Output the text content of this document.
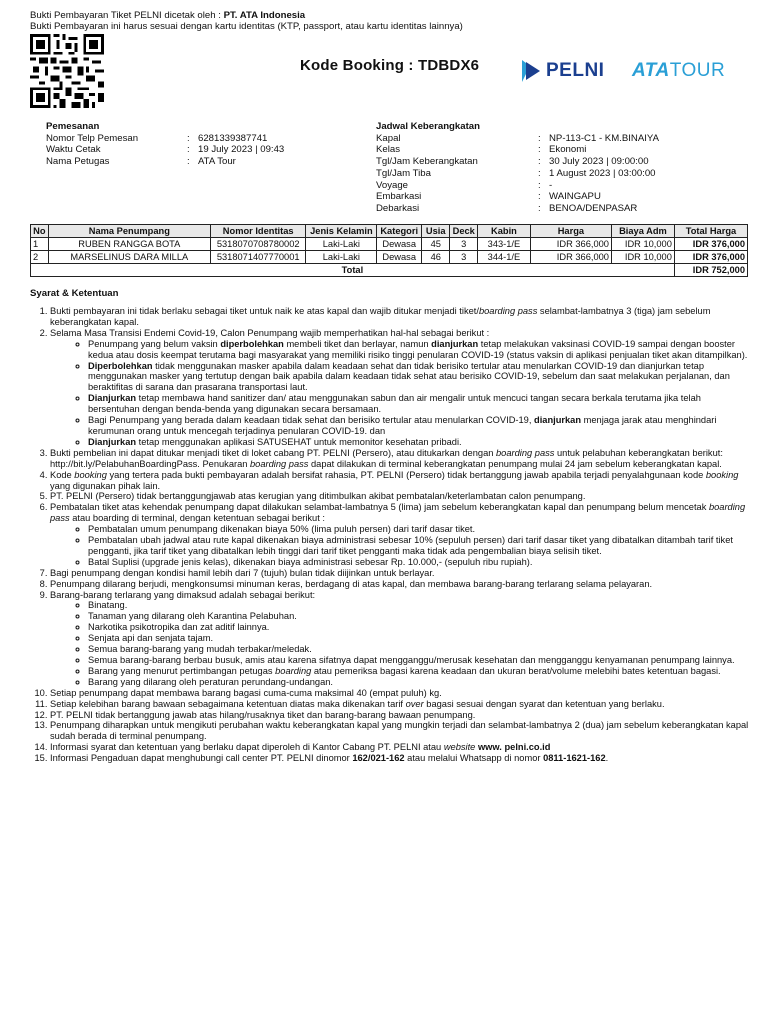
Bukti Pembayaran Tiket PELNI dicetak oleh : PT. ATA Indonesia
Bukti Pembayaran ini harus sesuai dengan kartu identitas (KTP, passport, atau kartu identitas lainnya)
Kode Booking : TDBDX6	PELNI ATATOUR
Pemesanan
Nomor Telp Pemesan	: 6281339387741
Waktu Cetak	: 19 July 2023 | 09:43
Nama Petugas	: ATA Tour
Jadwal Keberangkatan
Kapal	: NP-113-C1 - KM.BINAIYA
Kelas	: Ekonomi
Tgl/Jam Keberangkatan	: 30 July 2023 | 09:00:00
Tgl/Jam Tiba	: 1 August 2023 | 03:00:00
Voyage	: -
Embarkasi	: WAINGAPU
Debarkasi	: BENOA/DENPASAR
No	Nama Penumpang	Nomor Identitas	Jenis Kelamin	Kategori	Usia	Deck	Kabin	Harga	Biaya Adm	Total Harga
1	RUBEN RANGGA BOTA	5318070708780002	Laki-Laki	Dewasa	45	3	343-1/E	IDR 366,000	IDR 10,000	IDR 376,000
2	MARSELINUS DARA MILLA	5318071407770001	Laki-Laki	Dewasa	46	3	344-1/E	IDR 366,000	IDR 10,000	IDR 376,000
Total										IDR 752,000
Syarat & Ketentuan
1. Bukti pembayaran ini tidak berlaku sebagai tiket untuk naik ke atas kapal dan wajib ditukar menjadi tiket/boarding pass selambat-lambatnya 3 (tiga) jam sebelum keberangkatan kapal.
2. Selama Masa Transisi Endemi Covid-19, Calon Penumpang wajib memperhatikan hal-hal sebagai berikut :
◦ Penumpang yang belum vaksin diperbolehkan membeli tiket dan berlayar, namun dianjurkan tetap melakukan vaksinasi COVID-19 sampai dengan booster kedua atau dosis keempat terutama bagi masyarakat yang memiliki risiko tinggi penularan COVID-19 (status vaksin di aplikasi penjualan tiket akan ditampilkan).
◦ Diperbolehkan tidak menggunakan masker apabila dalam keadaan sehat dan tidak berisiko tertular atau menularkan COVID-19 dan dianjurkan tetap menggunakan masker yang tertutup dengan baik apabila dalam keadaan tidak sehat atau berisiko COVID-19, sebelum dan saat melakukan perjalanan, dan beraktifitas di sarana dan prasarana transportasi laut.
◦ Dianjurkan tetap membawa hand sanitizer dan/ atau menggunakan sabun dan air mengalir untuk mencuci tangan secara berkala terutama jika telah bersentuhan dengan benda-benda yang digunakan secara bersamaan.
◦ Bagi Penumpang yang berada dalam keadaan tidak sehat dan berisiko tertular atau menularkan COVID-19, dianjurkan menjaga jarak atau menghindari kerumunan orang untuk mencegah terjadinya penularan COVID-19. dan
◦ Dianjurkan tetap menggunakan aplikasi SATUSEHAT untuk memonitor kesehatan pribadi.
3. Bukti pembelian ini dapat ditukar menjadi tiket di loket cabang PT. PELNI (Persero), atau ditukarkan dengan boarding pass untuk pelabuhan keberangkatan berikut: http://bit.ly/PelabuhanBoardingPass. Penukaran boarding pass dapat dilakukan di terminal keberangkatan penumpang mulai 24 jam sebelum keberangkatan kapal.
4. Kode booking yang tertera pada bukti pembayaran adalah bersifat rahasia, PT. PELNI (Persero) tidak bertanggung jawab apabila terjadi penyalahgunaan kode booking yang digunakan pihak lain.
5. PT. PELNI (Persero) tidak bertanggungjawab atas kerugian yang ditimbulkan akibat pembatalan/keterlambatan calon penumpang.
6. Pembatalan tiket atas kehendak penumpang dapat dilakukan selambat-lambatnya 5 (lima) jam sebelum keberangkatan kapal dan penumpang belum mencetak boarding pass atau boarding di terminal, dengan ketentuan sebagai berikut :
◦ Pembatalan umum penumpang dikenakan biaya 50% (lima puluh persen) dari tarif dasar tiket.
◦ Pembatalan ubah jadwal atau rute kapal dikenakan biaya administrasi sebesar 10% (sepuluh persen) dari tarif dasar tiket yang dibatalkan ditambah tarif tiket pengganti, jika tarif tiket yang dibatalkan lebih tinggi dari tarif tiket pengganti maka tidak ada pengembalian biaya selisih tiket.
◦ Batal Suplisi (upgrade jenis kelas), dikenakan biaya administrasi sebesar Rp. 10.000,- (sepuluh ribu rupiah).
7. Bagi penumpang dengan kondisi hamil lebih dari 7 (tujuh) bulan tidak diijinkan untuk berlayar.
8. Penumpang dilarang berjudi, mengkonsumsi minuman keras, berdagang di atas kapal, dan membawa barang-barang terlarang selama pelayaran.
9. Barang-barang terlarang yang dimaksud adalah sebagai berikut:
◦ Binatang.
◦ Tanaman yang dilarang oleh Karantina Pelabuhan.
◦ Narkotika psikotropika dan zat aditif lainnya.
◦ Senjata api dan senjata tajam.
◦ Semua barang-barang yang mudah terbakar/meledak.
◦ Semua barang-barang berbau busuk, amis atau karena sifatnya dapat mengganggu/merusak kesehatan dan mengganggu kenyamanan penumpang lainnya.
◦ Barang yang menurut pertimbangan petugas boarding atau pemeriksa bagasi karena keadaan dan ukuran berat/volume melebihi bates ketentuan bagasi.
◦ Barang yang dilarang oleh peraturan perundang-undangan.
10. Setiap penumpang dapat membawa barang bagasi cuma-cuma maksimal 40 (empat puluh) kg.
11. Setiap kelebihan barang bawaan sebagaimana ketentuan diatas maka dikenakan tarif over bagasi sesuai dengan syarat dan ketentuan yang berlaku.
12. PT. PELNI tidak bertanggung jawab atas hilang/rusaknya tiket dan barang-barang bawaan penumpang.
13. Penumpang diharapkan untuk mengikuti perubahan waktu keberangkatan kapal yang mungkin terjadi dan selambat-lambatnya 2 (dua) jam sebelum keberangkatan kapal sudah berada di terminal penumpang.
14. Informasi syarat dan ketentuan yang berlaku dapat diperoleh di Kantor Cabang PT. PELNI atau website www. pelni.co.id
15. Informasi Pengaduan dapat menghubungi call center PT. PELNI dinomor 162/021-162 atau melalui Whatsapp di nomor 0811-1621-162.
